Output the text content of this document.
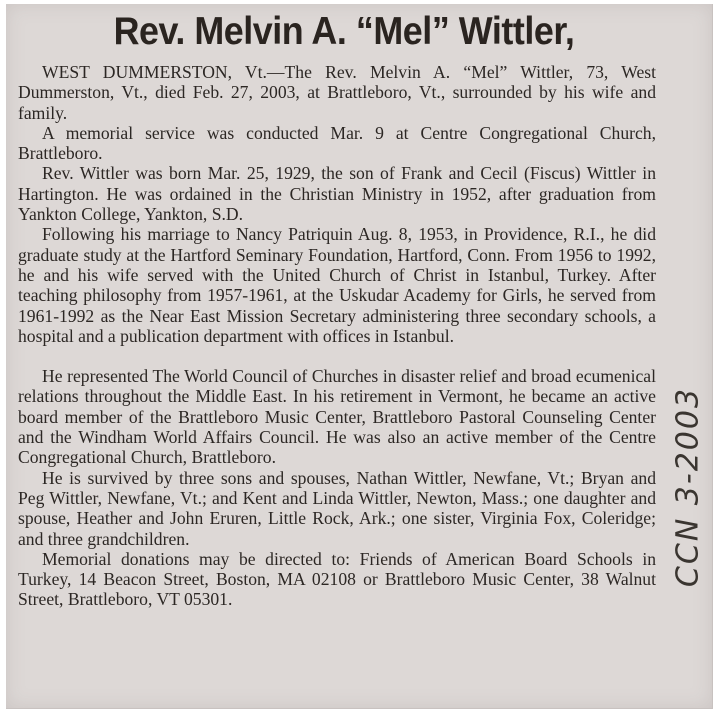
Rev. Melvin A. “Mel” Wittler,

WEST DUMMERSTON, Vt.—The Rev. Melvin A. “Mel” Wittler, 73, West Dummerston, Vt., died Feb. 27, 2003, at Brattleboro, Vt., surrounded by his wife and family.

A memorial service was conducted Mar. 9 at Centre Congregational Church, Brattleboro.

Rev. Wittler was born Mar. 25, 1929, the son of Frank and Cecil (Fiscus) Wittler in Hartington. He was ordained in the Christian Ministry in 1952, after graduation from Yankton College, Yankton, S.D.

Following his marriage to Nancy Patriquin Aug. 8, 1953, in Providence, R.I., he did graduate study at the Hartford Seminary Foundation, Hartford, Conn. From 1956 to 1992, he and his wife served with the United Church of Christ in Istanbul, Turkey. After teaching philosophy from 1957-1961, at the Uskudar Academy for Girls, he served from 1961-1992 as the Near East Mission Secretary administering three secondary schools, a hospital and a publication department with offices in Istanbul.

He represented The World Council of Churches in disaster relief and broad ecumenical relations throughout the Middle East. In his retirement in Vermont, he became an active board member of the Brattleboro Music Center, Brattleboro Pastoral Counseling Center and the Windham World Affairs Council. He was also an active member of the Centre Congregational Church, Brattleboro.

He is survived by three sons and spouses, Nathan Wittler, Newfane, Vt.; Bryan and Peg Wittler, Newfane, Vt.; and Kent and Linda Wittler, Newton, Mass.; one daughter and spouse, Heather and John Eruren, Little Rock, Ark.; one sister, Virginia Fox, Coleridge; and three grandchildren.

Memorial donations may be directed to: Friends of American Board Schools in Turkey, 14 Beacon Street, Boston, MA 02108 or Brattleboro Music Center, 38 Walnut Street, Brattleboro, VT 05301.

CCN 3-2003
